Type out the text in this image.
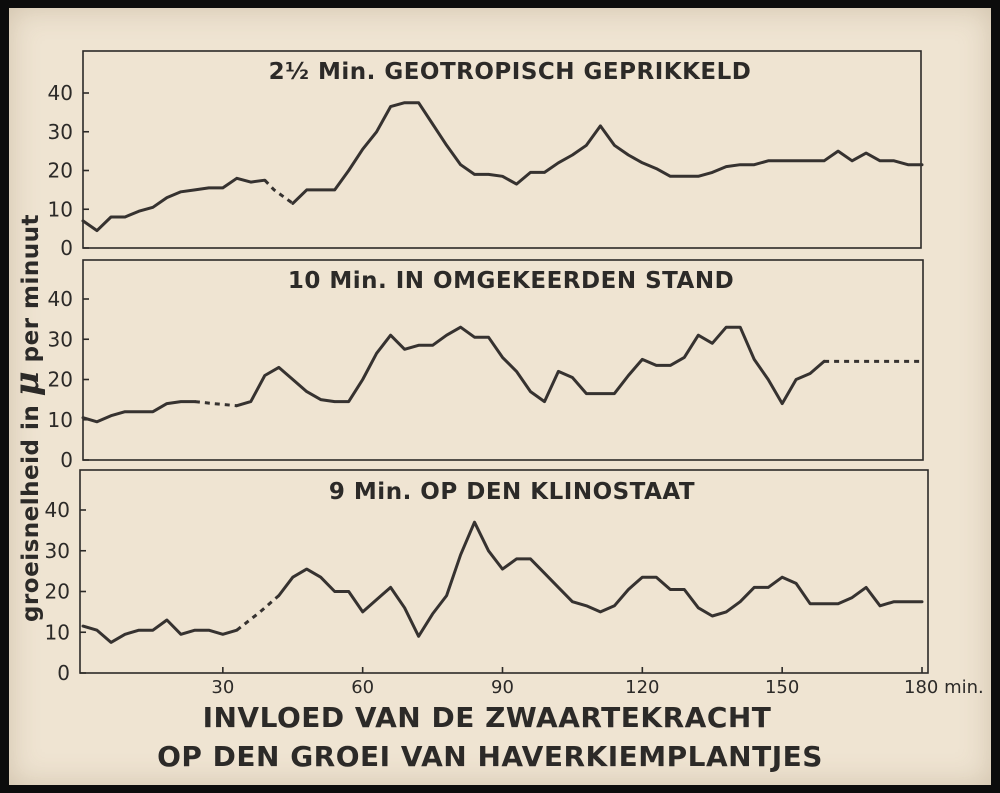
2½ Min. GEOTROPISCH GEPRIKKELD
0
10
20
30
40
10 Min. IN OMGEKEERDEN STAND
0
10
20
30
40
9 Min. OP DEN KLINOSTAAT
0
10
20
30
40
30	60	90	120	150	180 min.
groeisnelheid in μ per minuut
INVLOED VAN DE ZWAARTEKRACHT
OP DEN GROEI VAN HAVERKIEMPLANTJES
